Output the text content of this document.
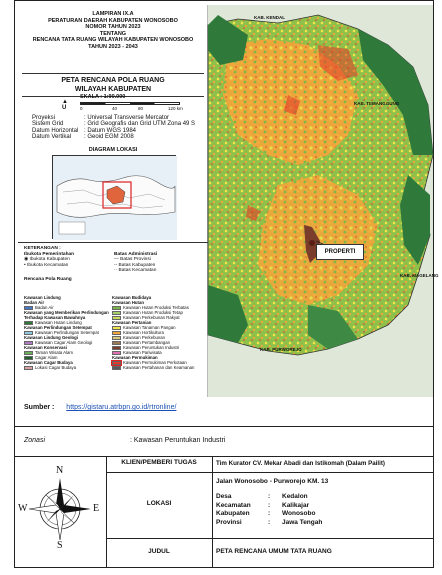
LAMPIRAN IX.A
PERATURAN DAERAH KABUPATEN WONOSOBO
NOMOR TAHUN 2023
TENTANG
RENCANA TATA RUANG WILAYAH KABUPATEN WONOSOBO
TAHUN 2023 - 2043
PETA RENCANA POLA RUANG
WILAYAH KABUPATEN
▲
U
SKALA : 1:90.000
0	40	80	120 km
Proyeksi	: Universal Transverse Mercator
Sistem Grid	: Grid Geografis dan Grid UTM Zona 49 S
Datum Horizontal : Datum WGS 1984
Datum Vertikal : Geoid EGM 2008
DIAGRAM LOKASI
KETERANGAN :
Ibukota Pemerintahan
◉ Ibukota Kabupaten
• Ibukota Kecamatan
Batas Administrasi
— Batas Provinsi
-- Batas Kabupaten
·· Batas Kecamatan
Rencana Pola Ruang
Kawasan Lindung
Badan Air
Badan Air
Kawasan yang Memberikan Perlindungan Terhadap Kawasan Bawahnya
Kawasan Hutan Lindung
Kawasan Perlindungan Setempat
Kawasan Perlindungan Setempat
Kawasan Lindung Geologi
Kawasan Cagar Alam Geologi
Kawasan Konservasi
Taman Wisata Alam
Cagar Alam
Kawasan Cagar Budaya
Lokasi Cagar Budaya
Kawasan Budidaya
Kawasan Hutan
Kawasan Hutan Produksi Terbatas
Kawasan Hutan Produksi Tetap
Kawasan Perkebunan Rakyat
Kawasan Pertanian
Kawasan Tanaman Pangan
Kawasan Hortikultura
Kawasan Perkebunan
Kawasan Pertambangan
Kawasan Peruntukan Industri
Kawasan Pariwisata
Kawasan Permukiman
Kawasan Permukiman Perkotaan
Kawasan Pertahanan dan Keamanan
KAB. KENDAL
KAB. TEMANGGUNG
KAB. MAGELANG
KAB. PURWOREJO
PROPERTI
Sumber : https://gistaru.atrbpn.go.id/rtronline/
Zonasi	: Kawasan Peruntukan Industri
KLIEN/PEMBERI TUGAS	Tim Kurator CV. Mekar Abadi dan Istikomah (Dalam Pailit)
LOKASI
Jalan Wonosobo - Purworejo KM. 13
Desa	:	Kedalon
Kecamatan	:	Kalikajar
Kabupaten	:	Wonosobo
Provinsi	:	Jawa Tengah
JUDUL	PETA RENCANA UMUM TATA RUANG
N
S
W	E
